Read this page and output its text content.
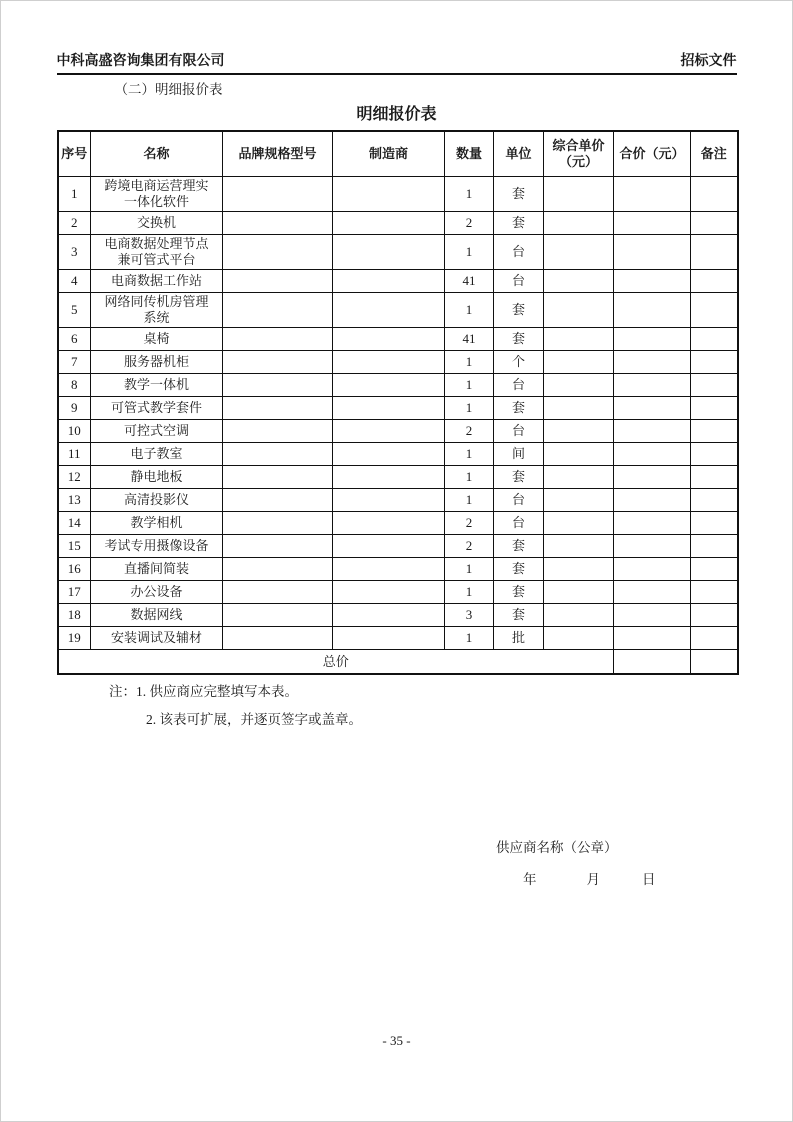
中科高盛咨询集团有限公司	招标文件
（二）明细报价表
明细报价表
序号	名称	品牌规格型号	制造商	数量	单位	综合单价（元）	合价（元）	备注
1	跨境电商运营理实一体化软件			1	套			
2	交换机			2	套			
3	电商数据处理节点兼可管式平台			1	台			
4	电商数据工作站			41	台			
5	网络同传机房管理系统			1	套			
6	桌椅			41	套			
7	服务器机柜			1	个			
8	教学一体机			1	台			
9	可管式教学套件			1	套			
10	可控式空调			2	台			
11	电子教室			1	间			
12	静电地板			1	套			
13	高清投影仪			1	台			
14	教学相机			2	台			
15	考试专用摄像设备			2	套			
16	直播间简装			1	套			
17	办公设备			1	套			
18	数据网线			3	套			
19	安装调试及辅材			1	批			
总价								
注：1. 供应商应完整填写本表。
2. 该表可扩展，并逐页签字或盖章。
供应商名称（公章）
年	月	日
- 35 -
